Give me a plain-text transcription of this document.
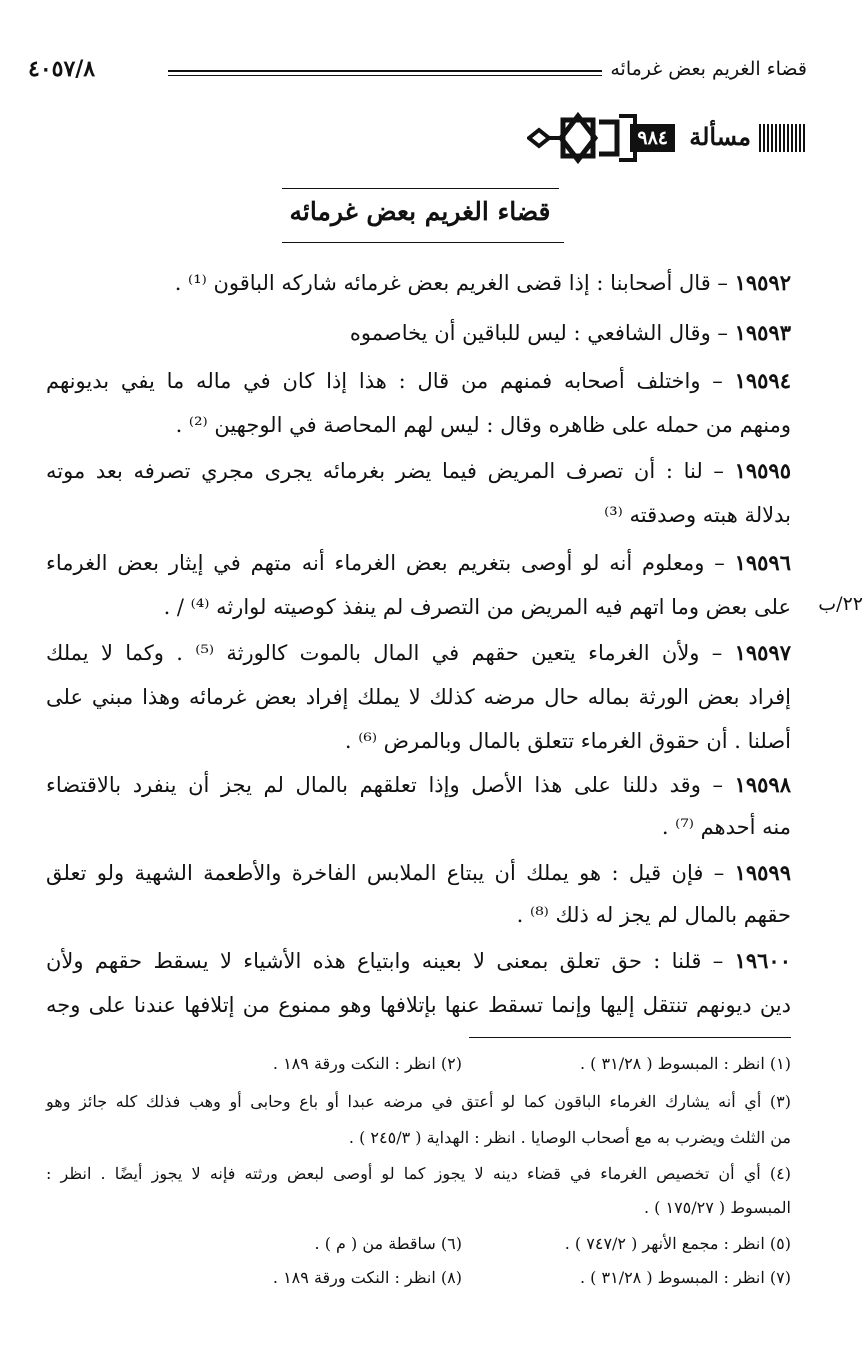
قضاء الغريم بعض غرمائه
٤٠٥٧/٨
مسألة
٩٨٤
قضاء الغريم بعض غرمائه
١٩٥٩٢ – قال أصحابنا : إذا قضى الغريم بعض غرمائه شاركه الباقون ⁽¹⁾ .
١٩٥٩٣ – وقال الشافعي : ليس للباقين أن يخاصموه
١٩٥٩٤ – واختلف أصحابه فمنهم من قال : هذا إذا كان في ماله ما يفي بديونهم
ومنهم من حمله على ظاهره وقال : ليس لهم المحاصة في الوجهين ⁽²⁾ .
١٩٥٩٥ – لنا : أن تصرف المريض فيما يضر بغرمائه يجرى مجري تصرفه بعد موته
بدلالة هبته وصدقته ⁽³⁾
١٩٥٩٦ – ومعلوم أنه لو أوصى بتغريم بعض الغرماء أنه متهم في إيثار بعض الغرماء
على بعض وما اتهم فيه المريض من التصرف لم ينفذ كوصيته لوارثه ⁽⁴⁾ / .
١٩٥٩٧ – ولأن الغرماء يتعين حقهم في المال بالموت كالورثة ⁽⁵⁾ . وكما لا يملك
إفراد بعض الورثة بماله حال مرضه كذلك لا يملك إفراد بعض غرمائه وهذا مبني على
أصلنا . أن حقوق الغرماء تتعلق بالمال وبالمرض ⁽⁶⁾ .
١٩٥٩٨ – وقد دللنا على هذا الأصل وإذا تعلقهم بالمال لم يجز أن ينفرد بالاقتضاء
منه أحدهم ⁽⁷⁾ .
١٩٥٩٩ – فإن قيل : هو يملك أن يبتاع الملابس الفاخرة والأطعمة الشهية ولو تعلق
حقهم بالمال لم يجز له ذلك ⁽⁸⁾ .
١٩٦٠٠ – قلنا : حق تعلق بمعنى لا بعينه وابتياع هذه الأشياء لا يسقط حقهم ولأن
دين ديونهم تنتقل إليها وإنما تسقط عنها بإتلافها وهو ممنوع من إتلافها عندنا على وجه
٢٢/ب
(١) انظر : المبسوط ( ٣١/٢٨ ) .
(٢) انظر : النكت ورقة ١٨٩ .
(٣) أي أنه يشارك الغرماء الباقون كما لو أعتق في مرضه عبدا أو باع وحابى أو وهب فذلك كله جائز وهو
من الثلث ويضرب به مع أصحاب الوصايا . انظر : الهداية ( ٢٤٥/٣ ) .
(٤) أي أن تخصيص الغرماء في قضاء دينه لا يجوز كما لو أوصى لبعض ورثته فإنه لا يجوز أيضًا . انظر :
المبسوط ( ١٧٥/٢٧ ) .
(٥) انظر : مجمع الأنهر ( ٧٤٧/٢ ) .
(٦) ساقطة من ( م ) .
(٧) انظر : المبسوط ( ٣١/٢٨ ) .
(٨) انظر : النكت ورقة ١٨٩ .
